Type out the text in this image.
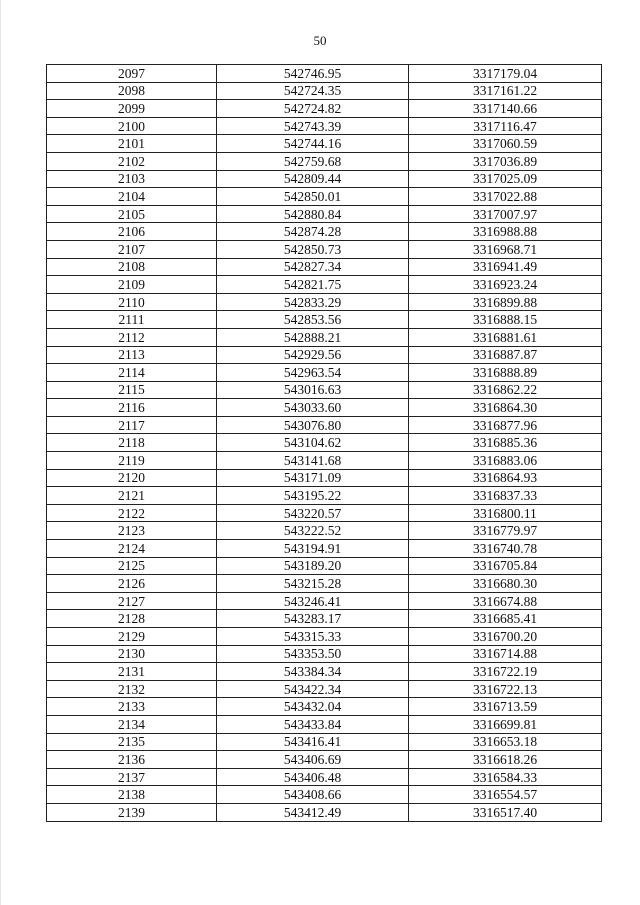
50
2097	542746.95	3317179.04
2098	542724.35	3317161.22
2099	542724.82	3317140.66
2100	542743.39	3317116.47
2101	542744.16	3317060.59
2102	542759.68	3317036.89
2103	542809.44	3317025.09
2104	542850.01	3317022.88
2105	542880.84	3317007.97
2106	542874.28	3316988.88
2107	542850.73	3316968.71
2108	542827.34	3316941.49
2109	542821.75	3316923.24
2110	542833.29	3316899.88
2111	542853.56	3316888.15
2112	542888.21	3316881.61
2113	542929.56	3316887.87
2114	542963.54	3316888.89
2115	543016.63	3316862.22
2116	543033.60	3316864.30
2117	543076.80	3316877.96
2118	543104.62	3316885.36
2119	543141.68	3316883.06
2120	543171.09	3316864.93
2121	543195.22	3316837.33
2122	543220.57	3316800.11
2123	543222.52	3316779.97
2124	543194.91	3316740.78
2125	543189.20	3316705.84
2126	543215.28	3316680.30
2127	543246.41	3316674.88
2128	543283.17	3316685.41
2129	543315.33	3316700.20
2130	543353.50	3316714.88
2131	543384.34	3316722.19
2132	543422.34	3316722.13
2133	543432.04	3316713.59
2134	543433.84	3316699.81
2135	543416.41	3316653.18
2136	543406.69	3316618.26
2137	543406.48	3316584.33
2138	543408.66	3316554.57
2139	543412.49	3316517.40
